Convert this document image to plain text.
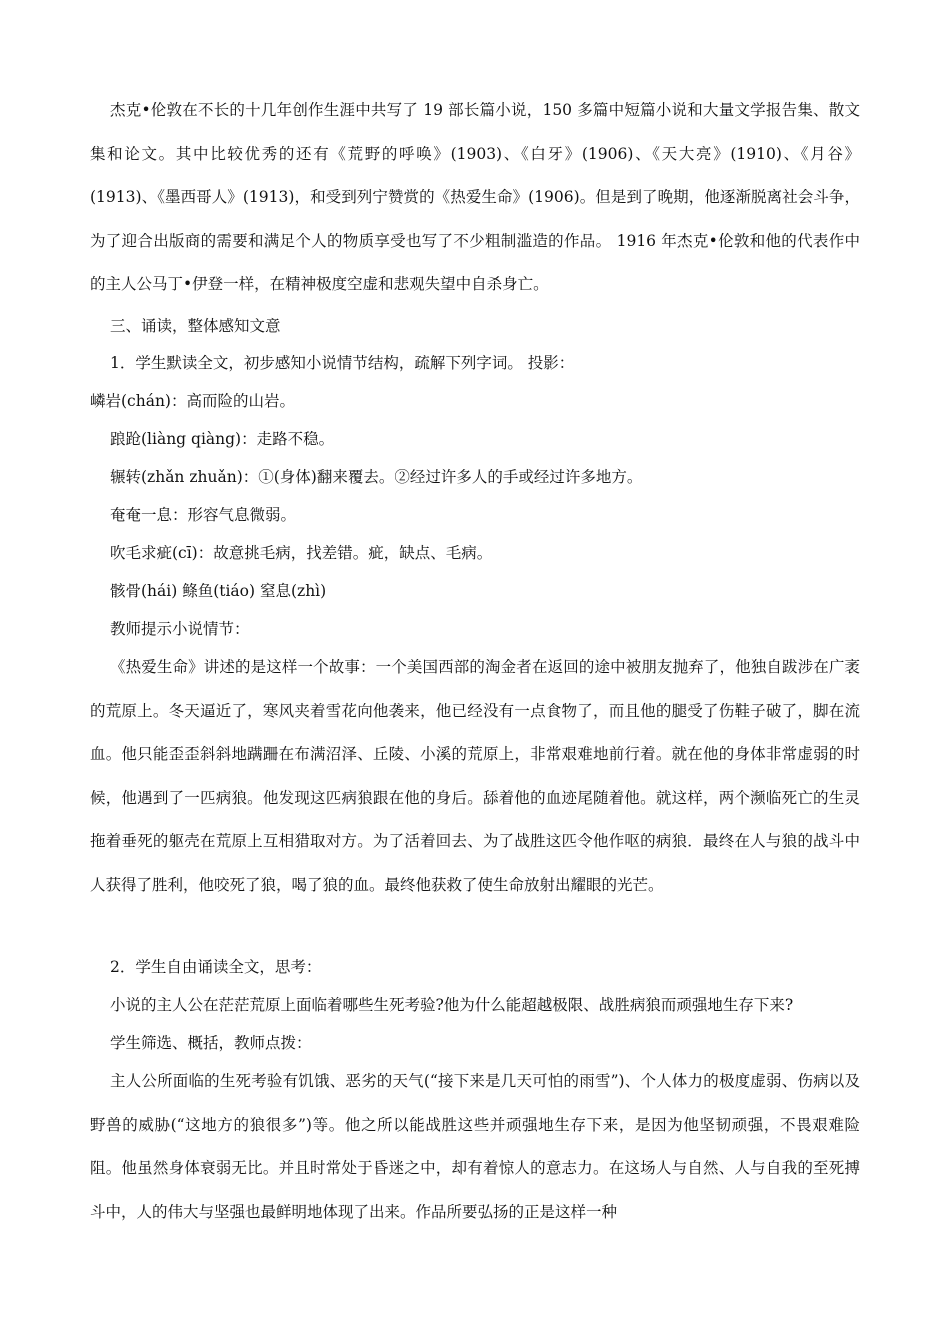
杰克•伦敦在不长的十几年创作生涯中共写了 19 部长篇小说，150 多篇中短篇小说和大量文学报告集、散文集和论文。其中比较优秀的还有《荒野的呼唤》(1903)、《白牙》(1906)、《天大亮》(1910)、《月谷》(1913)、《墨西哥人》(1913)，和受到列宁赞赏的《热爱生命》(1906)。但是到了晚期，他逐渐脱离社会斗争，为了迎合出版商的需要和满足个人的物质享受也写了不少粗制滥造的作品。 1916 年杰克•伦敦和他的代表作中的主人公马丁•伊登一样，在精神极度空虚和悲观失望中自杀身亡。

三、诵读，整体感知文意

1．学生默读全文，初步感知小说情节结构，疏解下列字词。 投影：

嶙岩(chán)：高而险的山岩。

踉跄(liàng qiàng)：走路不稳。

辗转(zhǎn zhuǎn)：①(身体)翻来覆去。②经过许多人的手或经过许多地方。

奄奄一息：形容气息微弱。

吹毛求疵(cī)：故意挑毛病，找差错。疵，缺点、毛病。

骸骨(hái) 鲦鱼(tiáo) 窒息(zhì)

教师提示小说情节：

《热爱生命》讲述的是这样一个故事：一个美国西部的淘金者在返回的途中被朋友抛弃了，他独自跋涉在广袤的荒原上。冬天逼近了，寒风夹着雪花向他袭来，他已经没有一点食物了，而且他的腿受了伤鞋子破了，脚在流血。他只能歪歪斜斜地蹒跚在布满沼泽、丘陵、小溪的荒原上，非常艰难地前行着。就在他的身体非常虚弱的时候，他遇到了一匹病狼。他发现这匹病狼跟在他的身后。舔着他的血迹尾随着他。就这样，两个濒临死亡的生灵拖着垂死的躯壳在荒原上互相猎取对方。为了活着回去、为了战胜这匹令他作呕的病狼．最终在人与狼的战斗中人获得了胜利，他咬死了狼，喝了狼的血。最终他获救了使生命放射出耀眼的光芒。

2．学生自由诵读全文，思考：

小说的主人公在茫茫荒原上面临着哪些生死考验?他为什么能超越极限、战胜病狼而顽强地生存下来?

学生筛选、概括，教师点拨：

主人公所面临的生死考验有饥饿、恶劣的天气(“接下来是几天可怕的雨雪”)、个人体力的极度虚弱、伤病以及野兽的威胁(“这地方的狼很多”)等。他之所以能战胜这些并顽强地生存下来，是因为他坚韧顽强，不畏艰难险阻。他虽然身体衰弱无比。并且时常处于昏迷之中，却有着惊人的意志力。在这场人与自然、人与自我的至死搏斗中，人的伟大与坚强也最鲜明地体现了出来。作品所要弘扬的正是这样一种
